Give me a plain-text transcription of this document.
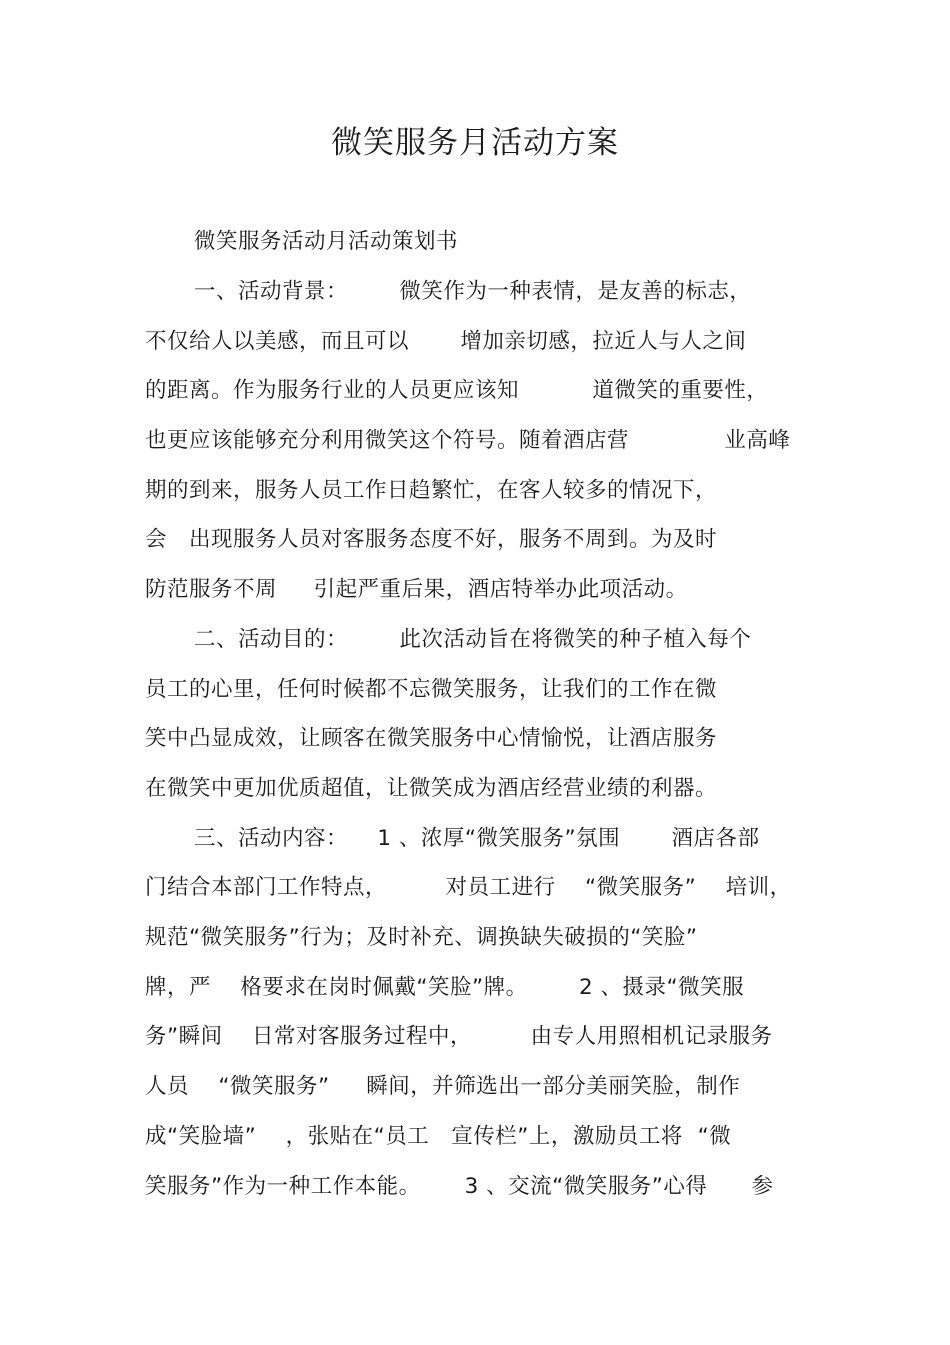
微笑服务月活动方案
微笑服务活动月活动策划书
一、活动背景：       微笑作为一种表情，是友善的标志，
不仅给人以美感，而且可以       增加亲切感，拉近人与人之间
的距离。作为服务行业的人员更应该知          道微笑的重要性，
也更应该能够充分利用微笑这个符号。随着酒店营             业高峰
期的到来，服务人员工作日趋繁忙，在客人较多的情况下，
会   出现服务人员对客服务态度不好，服务不周到。为及时
防范服务不周     引起严重后果，酒店特举办此项活动。
二、活动目的：       此次活动旨在将微笑的种子植入每个
员工的心里，任何时候都不忘微笑服务，让我们的工作在微
笑中凸显成效，让顾客在微笑服务中心情愉悦，让酒店服务
在微笑中更加优质超值，让微笑成为酒店经营业绩的利器。
三、活动内容：    1 、浓厚“微笑服务”氛围       酒店各部
门结合本部门工作特点，        对员工进行    “微笑服务”    培训，
规范“微笑服务”行为；及时补充、调换缺失破损的“笑脸”
牌，严    格要求在岗时佩戴“笑脸”牌。       2 、摄录“微笑服
务”瞬间    日常对客服务过程中，        由专人用照相机记录服务
人员    “微笑服务”     瞬间，并筛选出一部分美丽笑脸，制作
成“笑脸墙”    ，张贴在“员工   宣传栏”上，激励员工将  “微
笑服务”作为一种工作本能。      3 、交流“微笑服务”心得      参
